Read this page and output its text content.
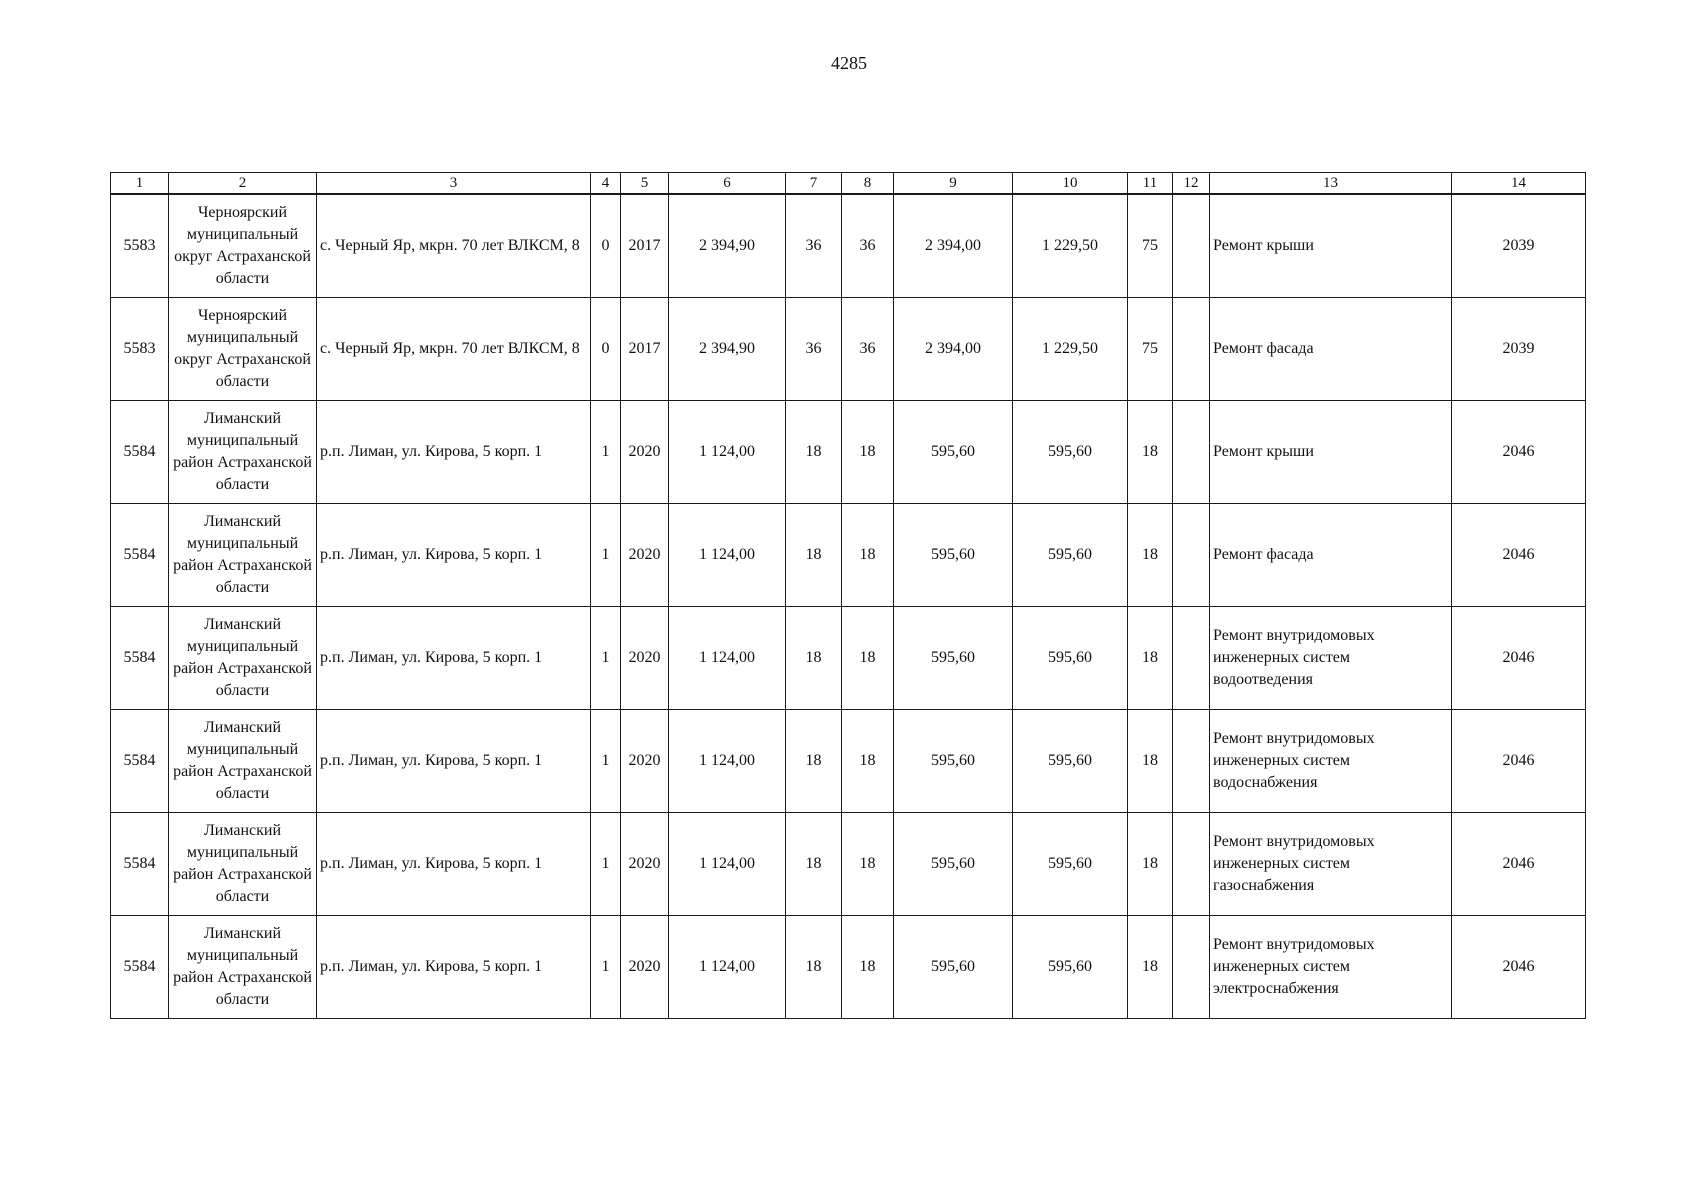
4285
1	2	3	4	5	6	7	8	9	10	11	12	13	14
5583	Черноярский муниципальный округ Астраханской области	с. Черный Яр, мкрн. 70 лет ВЛКСМ, 8	0	2017	2 394,90	36	36	2 394,00	1 229,50	75		Ремонт крыши	2039
5583	Черноярский муниципальный округ Астраханской области	с. Черный Яр, мкрн. 70 лет ВЛКСМ, 8	0	2017	2 394,90	36	36	2 394,00	1 229,50	75		Ремонт фасада	2039
5584	Лиманский муниципальный район Астраханской области	р.п. Лиман, ул. Кирова, 5 корп. 1	1	2020	1 124,00	18	18	595,60	595,60	18		Ремонт крыши	2046
5584	Лиманский муниципальный район Астраханской области	р.п. Лиман, ул. Кирова, 5 корп. 1	1	2020	1 124,00	18	18	595,60	595,60	18		Ремонт фасада	2046
5584	Лиманский муниципальный район Астраханской области	р.п. Лиман, ул. Кирова, 5 корп. 1	1	2020	1 124,00	18	18	595,60	595,60	18		Ремонт внутридомовых инженерных систем водоотведения	2046
5584	Лиманский муниципальный район Астраханской области	р.п. Лиман, ул. Кирова, 5 корп. 1	1	2020	1 124,00	18	18	595,60	595,60	18		Ремонт внутридомовых инженерных систем водоснабжения	2046
5584	Лиманский муниципальный район Астраханской области	р.п. Лиман, ул. Кирова, 5 корп. 1	1	2020	1 124,00	18	18	595,60	595,60	18		Ремонт внутридомовых инженерных систем газоснабжения	2046
5584	Лиманский муниципальный район Астраханской области	р.п. Лиман, ул. Кирова, 5 корп. 1	1	2020	1 124,00	18	18	595,60	595,60	18		Ремонт внутридомовых инженерных систем электроснабжения	2046
